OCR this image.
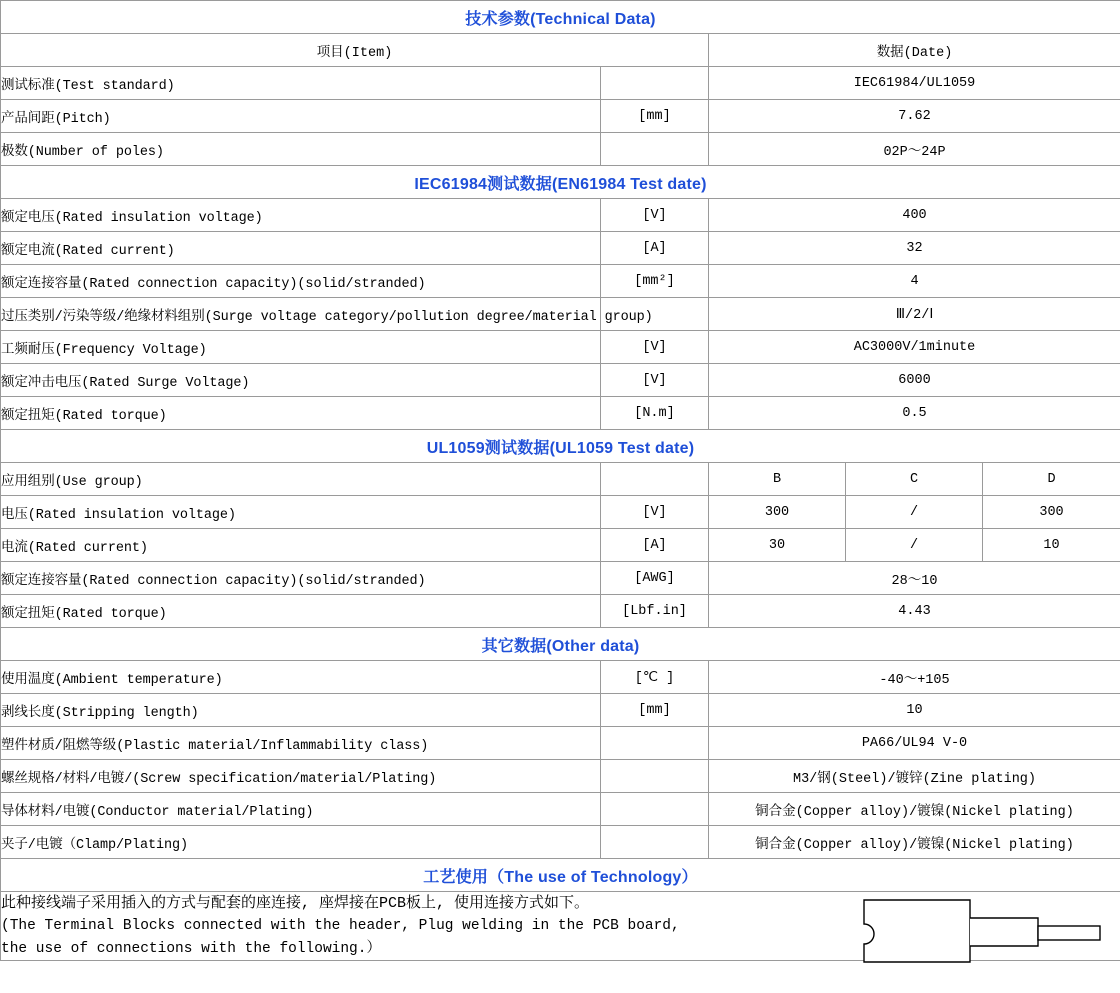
技术参数(Technical Data)				
项目(Item)		数据(Date)		
测试标准(Test standard)		IEC61984/UL1059		
产品间距(Pitch)	[mm]	7.62		
极数(Number of poles)		02P～24P		
IEC61984测试数据(EN61984 Test date)				
额定电压(Rated insulation voltage)	[V]	400		
额定电流(Rated current)	[A]	32		
额定连接容量(Rated connection capacity)(solid/stranded)	[mm²]	4		
过压类别/污染等级/绝缘材料组别(Surge voltage category/pollution degree/material group)		Ⅲ/2/Ⅰ		
工频耐压(Frequency Voltage)	[V]	AC3000V/1minute		
额定冲击电压(Rated Surge Voltage)	[V]	6000		
额定扭矩(Rated torque)	[N.m]	0.5		
UL1059测试数据(UL1059 Test date)				
应用组别(Use group)		B	C	D
电压(Rated insulation voltage)	[V]	300	/	300
电流(Rated current)	[A]	30	/	10
额定连接容量(Rated connection capacity)(solid/stranded)	[AWG]	28～10		
额定扭矩(Rated torque)	[Lbf.in]	4.43		
其它数据(Other data)				
使用温度(Ambient temperature)	[℃ ]	-40～+105		
剥线长度(Stripping length)	[mm]	10		
塑件材质/阻燃等级(Plastic material/Inflammability class)		PA66/UL94 V-0		
螺丝规格/材料/电镀/(Screw specification/material/Plating)		M3/钢(Steel)/镀锌(Zine plating)		
导体材料/电镀(Conductor material/Plating)		铜合金(Copper alloy)/镀镍(Nickel plating)		
夹子/电镀（Clamp/Plating)		铜合金(Copper alloy)/镀镍(Nickel plating)		
工艺使用（The use of Technology）				

此种接线端子采用插入的方式与配套的座连接, 座焊接在PCB板上, 使用连接方式如下。
(The Terminal Blocks connected with the header, Plug welding in the PCB board,
the use of connections with the following.）				
